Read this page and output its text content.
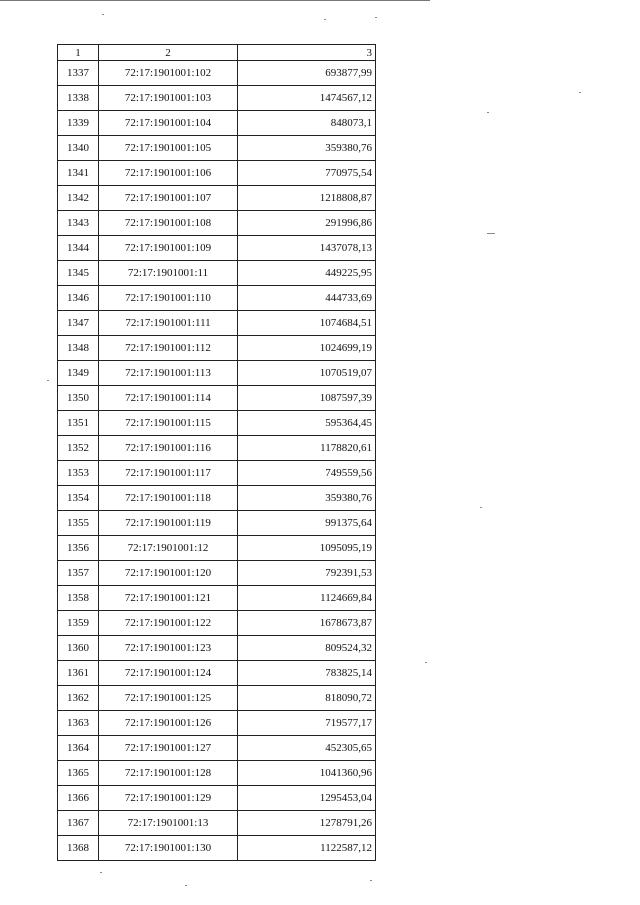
1	2	3
1337	72:17:1901001:102	693877,99
1338	72:17:1901001:103	1474567,12
1339	72:17:1901001:104	848073,1
1340	72:17:1901001:105	359380,76
1341	72:17:1901001:106	770975,54
1342	72:17:1901001:107	1218808,87
1343	72:17:1901001:108	291996,86
1344	72:17:1901001:109	1437078,13
1345	72:17:1901001:11	449225,95
1346	72:17:1901001:110	444733,69
1347	72:17:1901001:111	1074684,51
1348	72:17:1901001:112	1024699,19
1349	72:17:1901001:113	1070519,07
1350	72:17:1901001:114	1087597,39
1351	72:17:1901001:115	595364,45
1352	72:17:1901001:116	1178820,61
1353	72:17:1901001:117	749559,56
1354	72:17:1901001:118	359380,76
1355	72:17:1901001:119	991375,64
1356	72:17:1901001:12	1095095,19
1357	72:17:1901001:120	792391,53
1358	72:17:1901001:121	1124669,84
1359	72:17:1901001:122	1678673,87
1360	72:17:1901001:123	809524,32
1361	72:17:1901001:124	783825,14
1362	72:17:1901001:125	818090,72
1363	72:17:1901001:126	719577,17
1364	72:17:1901001:127	452305,65
1365	72:17:1901001:128	1041360,96
1366	72:17:1901001:129	1295453,04
1367	72:17:1901001:13	1278791,26
1368	72:17:1901001:130	1122587,12
